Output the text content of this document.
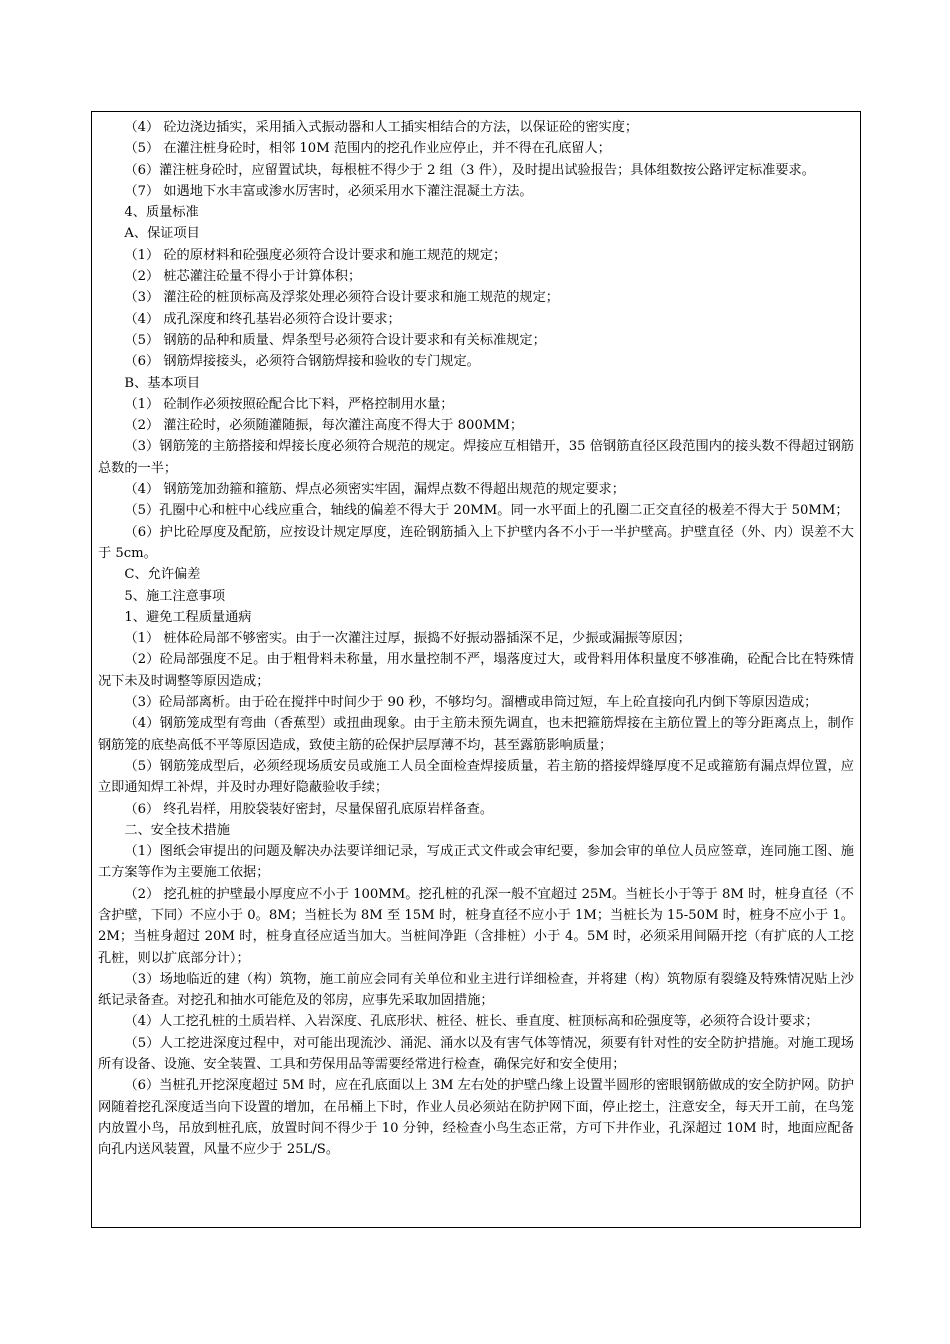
（4） 砼边浇边插实，采用插入式振动器和人工插实相结合的方法，以保证砼的密实度；

（5） 在灌注桩身砼时，相邻 10M 范围内的挖孔作业应停止，并不得在孔底留人；

（6）灌注桩身砼时，应留置试块，每根桩不得少于 2 组（3 件），及时提出试验报告；具体组数按公路评定标准要求。

（7） 如遇地下水丰富或渗水厉害时，必须采用水下灌注混凝土方法。

4、质量标准

A、保证项目

（1） 砼的原材料和砼强度必须符合设计要求和施工规范的规定；

（2） 桩芯灌注砼量不得小于计算体积；

（3） 灌注砼的桩顶标高及浮浆处理必须符合设计要求和施工规范的规定；

（4） 成孔深度和终孔基岩必须符合设计要求；

（5） 钢筋的品种和质量、焊条型号必须符合设计要求和有关标准规定；

（6） 钢筋焊接接头，必须符合钢筋焊接和验收的专门规定。

B、基本项目

（1） 砼制作必须按照砼配合比下料，严格控制用水量；

（2） 灌注砼时，必须随灌随振，每次灌注高度不得大于 800MM；

（3）钢筋笼的主筋搭接和焊接长度必须符合规范的规定。焊接应互相错开，35 倍钢筋直径区段范围内的接头数不得超过钢筋总数的一半；

（4） 钢筋笼加劲箍和箍筋、焊点必须密实牢固，漏焊点数不得超出规范的规定要求；

（5）孔圈中心和桩中心线应重合，轴线的偏差不得大于 20MM。同一水平面上的孔圈二正交直径的极差不得大于 50MM；

（6）护比砼厚度及配筋，应按设计规定厚度，连砼钢筋插入上下护壁内各不小于一半护壁高。护壁直径（外、内）误差不大于 5cm。

C、允许偏差

5、施工注意事项

1、避免工程质量通病

（1） 桩体砼局部不够密实。由于一次灌注过厚，振捣不好振动器插深不足，少振或漏振等原因；

（2）砼局部强度不足。由于粗骨料未称量，用水量控制不严，塌落度过大，或骨料用体积量度不够准确，砼配合比在特殊情况下未及时调整等原因造成；

（3）砼局部离析。由于砼在搅拌中时间少于 90 秒，不够均匀。溜槽或串筒过短，车上砼直接向孔内倒下等原因造成；

（4）钢筋笼成型有弯曲（香蕉型）或扭曲现象。由于主筋未预先调直，也未把箍筋焊接在主筋位置上的等分距离点上，制作钢筋笼的底垫高低不平等原因造成，致使主筋的砼保护层厚薄不均，甚至露筋影响质量；

（5）钢筋笼成型后，必须经现场质安员或施工人员全面检查焊接质量，若主筋的搭接焊缝厚度不足或箍筋有漏点焊位置，应立即通知焊工补焊，并及时办理好隐蔽验收手续；

（6） 终孔岩样，用胶袋装好密封，尽量保留孔底原岩样备查。

二、安全技术措施

（1）图纸会审提出的问题及解决办法要详细记录，写成正式文件或会审纪要，参加会审的单位人员应签章，连同施工图、施工方案等作为主要施工依据；

（2） 挖孔桩的护壁最小厚度应不小于 100MM。挖孔桩的孔深一般不宜超过 25M。当桩长小于等于 8M 时，桩身直径（不含护壁，下同）不应小于 0。8M；当桩长为 8M 至 15M 时，桩身直径不应小于 1M；当桩长为 15-50M 时，桩身不应小于 1。2M；当桩身超过 20M 时，桩身直径应适当加大。当桩间净距（含排桩）小于 4。5M 时，必须采用间隔开挖（有扩底的人工挖孔桩，则以扩底部分计）；

（3）场地临近的建（构）筑物，施工前应会同有关单位和业主进行详细检查，并将建（构）筑物原有裂缝及特殊情况贴上沙纸记录备查。对挖孔和抽水可能危及的邻房，应事先采取加固措施；

（4）人工挖孔桩的土质岩样、入岩深度、孔底形状、桩径、桩长、垂直度、桩顶标高和砼强度等，必须符合设计要求；

（5）人工挖进深度过程中，对可能出现流沙、涌泥、涌水以及有害气体等情况，须要有针对性的安全防护措施。对施工现场所有设备、设施、安全装置、工具和劳保用品等需要经常进行检查，确保完好和安全使用；

（6）当桩孔开挖深度超过 5M 时，应在孔底面以上 3M 左右处的护壁凸缘上设置半圆形的密眼钢筋做成的安全防护网。防护网随着挖孔深度适当向下设置的增加，在吊桶上下时，作业人员必须站在防护网下面，停止挖土，注意安全，每天开工前，在鸟笼内放置小鸟，吊放到桩孔底，放置时间不得少于 10 分钟，经检查小鸟生态正常，方可下井作业，孔深超过 10M 时，地面应配备向孔内送风装置，风量不应少于 25L/S。
